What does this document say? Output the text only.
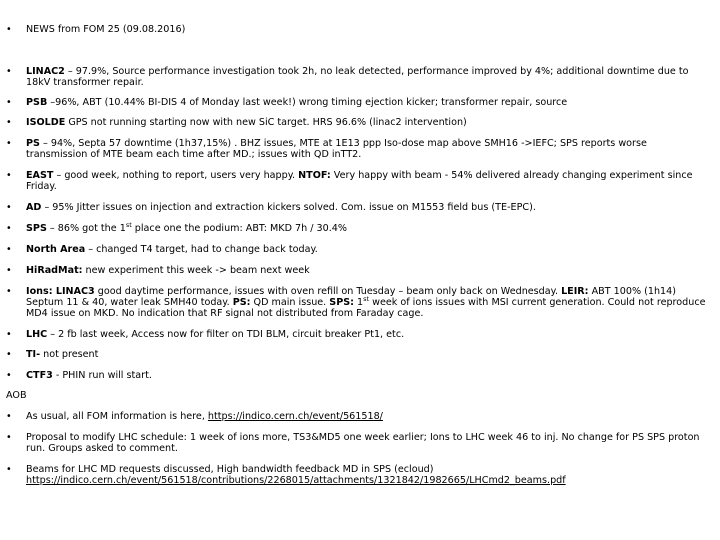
• NEWS from FOM 25 (09.08.2016)
• LINAC2 – 97.9%, Source performance investigation took 2h, no leak detected, performance improved by 4%; additional downtime due to 18kV transformer repair.
• PSB –96%, ABT (10.44% BI-DIS 4 of Monday last week!) wrong timing ejection kicker; transformer repair, source
• ISOLDE GPS not running starting now with new SiC target. HRS 96.6% (linac2 intervention)
• PS – 94%, Septa 57 downtime (1h37,15%) . BHZ issues, MTE at 1E13 ppp Iso-dose map above SMH16 ->IEFC; SPS reports worse transmission of MTE beam each time after MD.; issues with QD inTT2.
• EAST – good week, nothing to report, users very happy. NTOF: Very happy with beam - 54% delivered already changing experiment since Friday.
• AD – 95% Jitter issues on injection and extraction kickers solved. Com. issue on M1553 field bus (TE-EPC).
• SPS – 86% got the 1st place one the podium: ABT: MKD 7h / 30.4%
• North Area – changed T4 target, had to change back today.
• HiRadMat: new experiment this week -> beam next week
• Ions: LINAC3 good daytime performance, issues with oven refill on Tuesday – beam only back on Wednesday. LEIR: ABT 100% (1h14) Septum 11 & 40, water leak SMH40 today. PS: QD main issue. SPS: 1st week of ions issues with MSI current generation. Could not reproduce MD4 issue on MKD. No indication that RF signal not distributed from Faraday cage.
• LHC – 2 fb last week, Access now for filter on TDI BLM, circuit breaker Pt1, etc.
• TI- not present
• CTF3 - PHIN run will start.
AOB
• As usual, all FOM information is here, https://indico.cern.ch/event/561518/
• Proposal to modify LHC schedule: 1 week of ions more, TS3&MD5 one week earlier; Ions to LHC week 46 to inj. No change for PS SPS proton run. Groups asked to comment.
• Beams for LHC MD requests discussed, High bandwidth feedback MD in SPS (ecloud)
https://indico.cern.ch/event/561518/contributions/2268015/attachments/1321842/1982665/LHCmd2_beams.pdf
